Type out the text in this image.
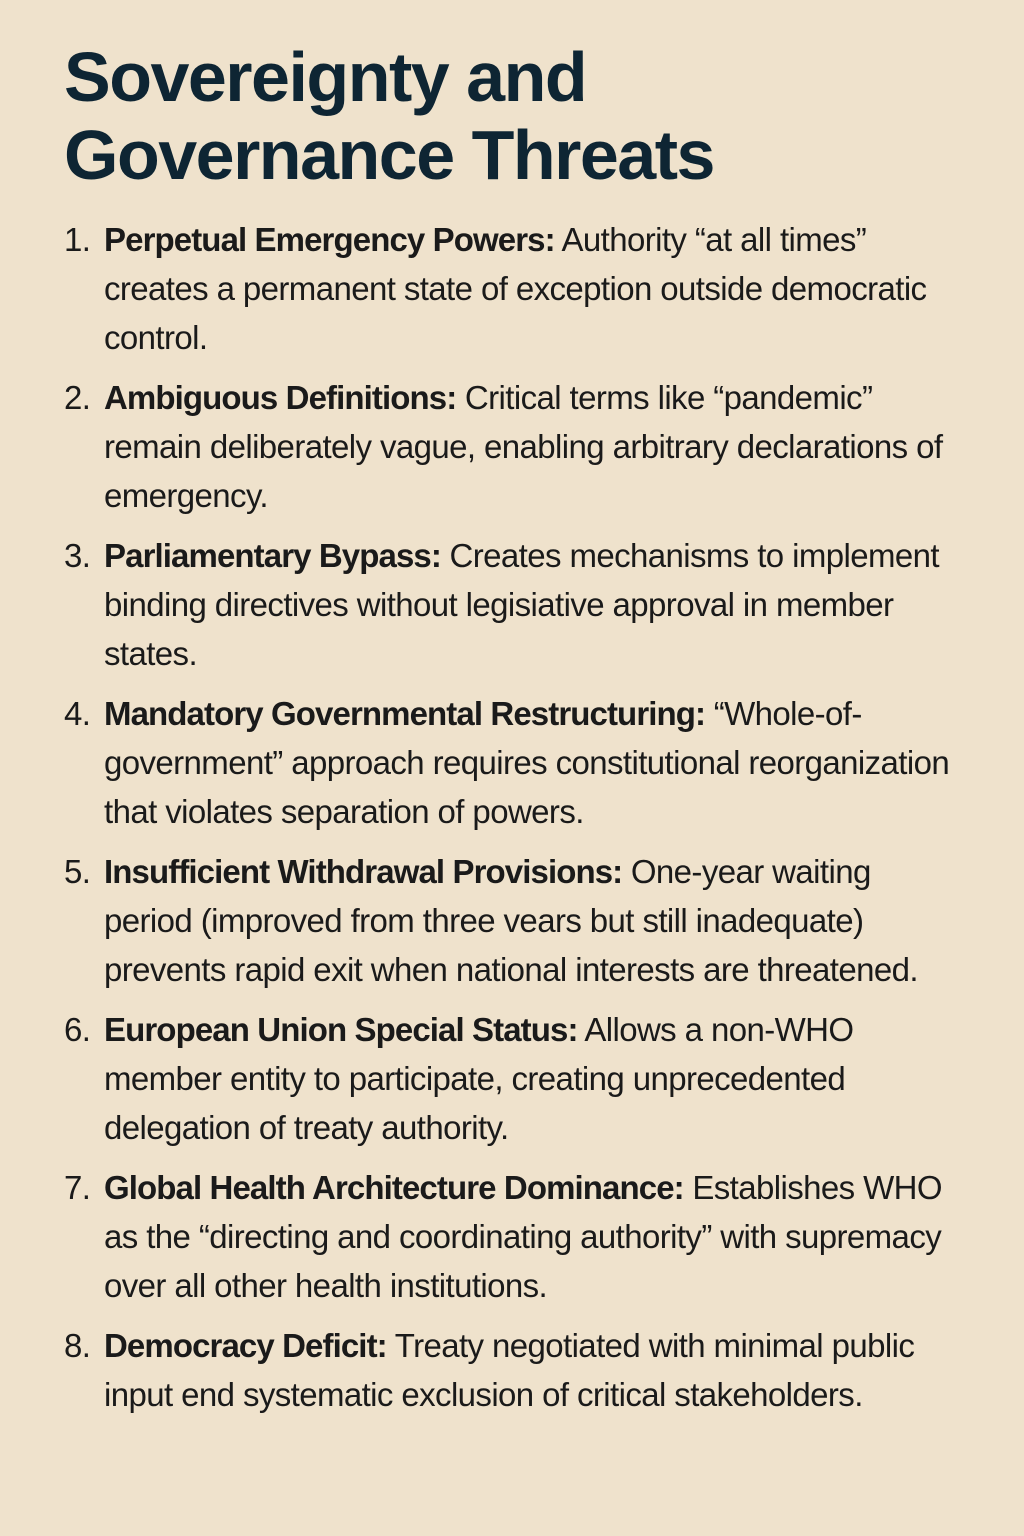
Sovereignty and
Governance Threats
1. Perpetual Emergency Powers: Authority “at all times” creates a permanent state of exception outside democratic control.
2. Ambiguous Definitions: Critical terms like “pandemic” remain deliberately vague, enabling arbitrary declarations of emergency.
3. Parliamentary Bypass: Creates mechanisms to implement binding directives without legisiative approval in member states.
4. Mandatory Governmental Restructuring: “Whole-of-government” approach requires constitutional reorganization that violates separation of powers.
5. Insufficient Withdrawal Provisions: One-year waiting period (improved from three vears but still inadequate) prevents rapid exit when national interests are threatened.
6. European Union Special Status: Allows a non-WHO member entity to participate, creating unprecedented delegation of treaty authority.
7. Global Health Architecture Dominance: Establishes WHO as the “directing and coordinating authority” with supremacy over all other health institutions.
8. Democracy Deficit: Treaty negotiated with minimal public input end systematic exclusion of critical stakeholders.
